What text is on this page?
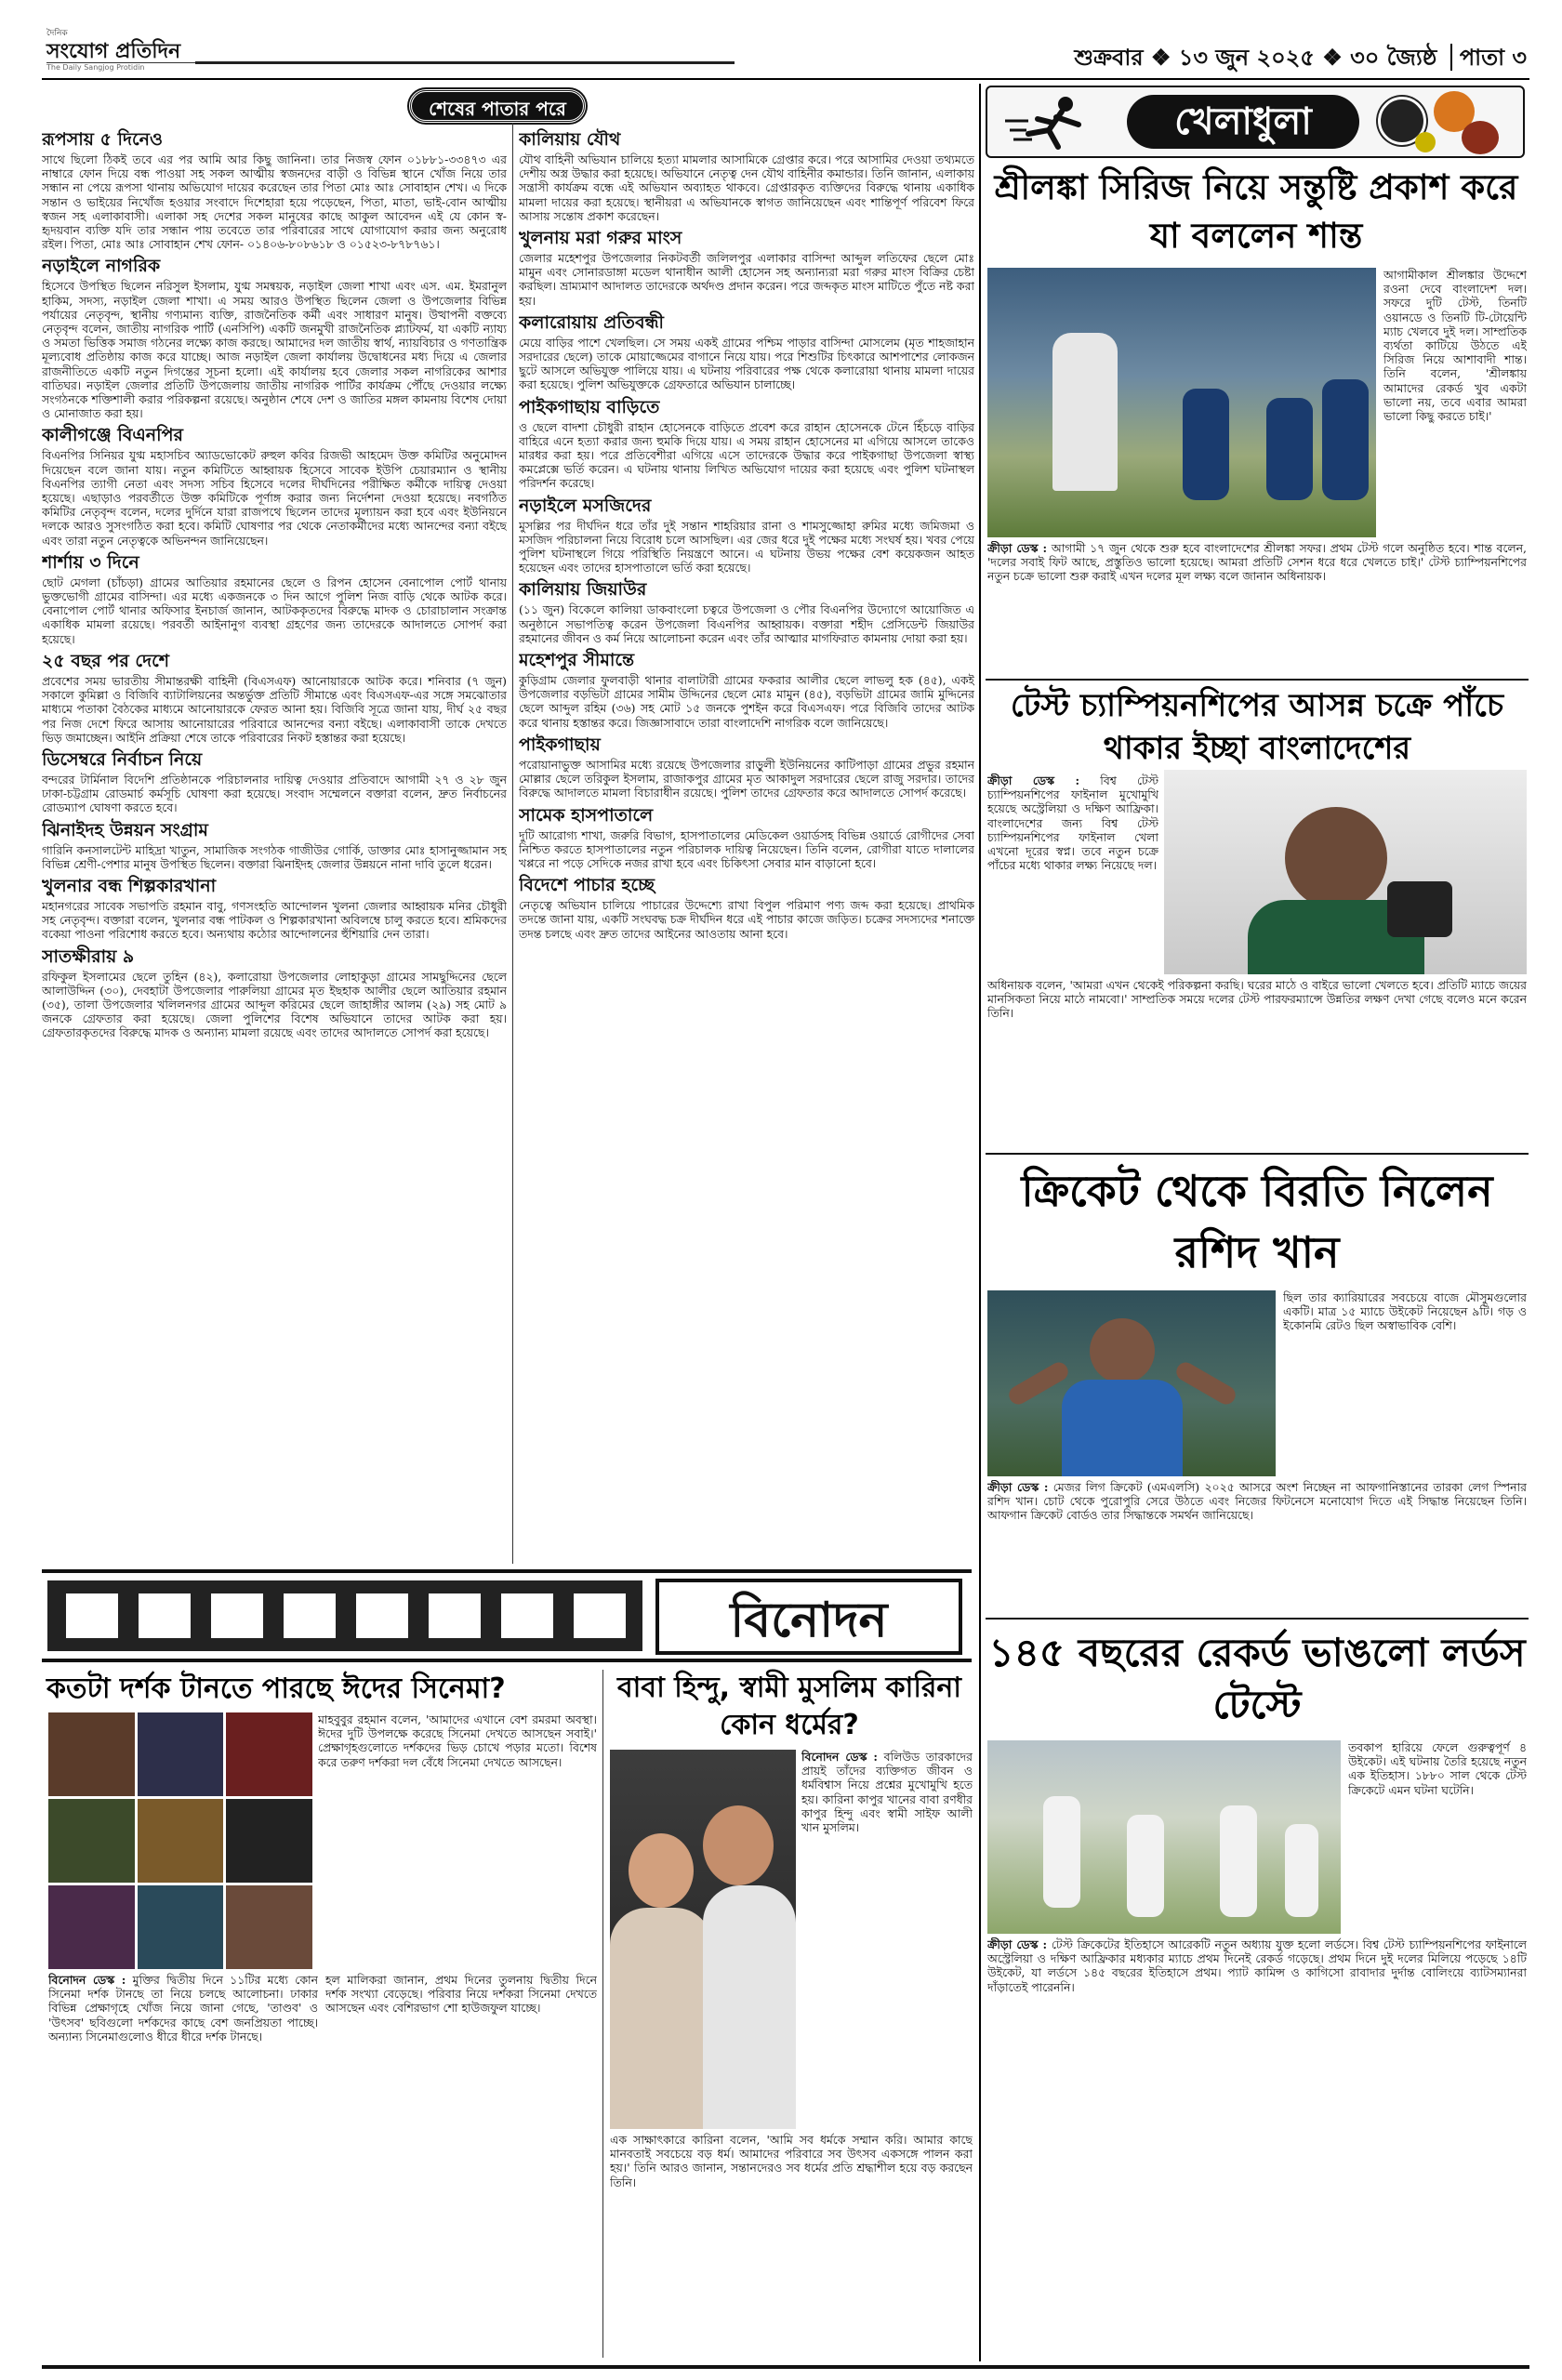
দৈনিক
সংযোগ প্রতিদিন
The Daily Sangjog Protidin	শুক্রবার ❖ ১৩ জুন ২০২৫ ❖ ৩০ জ্যৈষ্ঠ পাতা ৩
শেষের পাতার পরে
রূপসায় ৫ দিনেও

সাথে ছিলো ঠিকই তবে এর পর আমি আর কিছু জানিনা। তার নিজস্ব ফোন ০১৮৮১-৩৩৪৭৩ এর নাম্বারে ফোন দিয়ে বন্ধ পাওয়া সহ সকল আত্মীয় স্বজনদের বাড়ী ও বিভিন্ন স্থানে খোঁজ নিয়ে তার সন্ধান না পেয়ে রূপসা থানায় অভিযোগ দায়ের করেছেন তার পিতা মোঃ আঃ সোবাহান শেখ। এ দিকে সন্তান ও ভাইয়ের নিখোঁজ হওয়ার সংবাদে দিশেহারা হয়ে পড়েছেন, পিতা, মাতা, ভাই-বোন আত্মীয় স্বজন সহ এলাকাবাসী। এলাকা সহ দেশের সকল মানুষের কাছে আকুল আবেদন এই যে কোন স্ব-হৃদয়বান ব্যক্তি যদি তার সন্ধান পায় তবেতে তার পরিবারের সাথে যোগাযোগ করার জন্য অনুরোধ রইল। পিতা, মোঃ আঃ সোবাহান শেখ ফোন- ০১৪০৬-৮০৮৬১৮ ও ০১৫২৩-৮৭৮৭৬১।

নড়াইলে নাগরিক

হিসেবে উপস্থিত ছিলেন নরিসুল ইসলাম, যুগ্ম সমন্বয়ক, নড়াইল জেলা শাখা এবং এস. এম. ইমরানুল হাকিম, সদস্য, নড়াইল জেলা শাখা। এ সময় আরও উপস্থিত ছিলেন জেলা ও উপজেলার বিভিন্ন পর্যায়ের নেতৃবৃন্দ, স্থানীয় গণ্যমান্য ব্যক্তি, রাজনৈতিক কর্মী এবং সাধারণ মানুষ। উত্থাপনী বক্তব্যে নেতৃবৃন্দ বলেন, জাতীয় নাগরিক পার্টি (এনসিপি) একটি জনমুখী রাজনৈতিক প্ল্যাটফর্ম, যা একটি ন্যায্য ও সমতা ভিত্তিক সমাজ গঠনের লক্ষ্যে কাজ করছে। আমাদের দল জাতীয় স্বার্থ, ন্যায়বিচার ও গণতান্ত্রিক মূল্যবোধ প্রতিষ্ঠায় কাজ করে যাচ্ছে। আজ নড়াইল জেলা কার্যালয় উদ্বোধনের মধ্য দিয়ে এ জেলার রাজনীতিতে একটি নতুন দিগন্তের সূচনা হলো। এই কার্যালয় হবে জেলার সকল নাগরিকের আশার বাতিঘর। নড়াইল জেলার প্রতিটি উপজেলায় জাতীয় নাগরিক পার্টির কার্যক্রম পৌঁছে দেওয়ার লক্ষ্যে সংগঠনকে শক্তিশালী করার পরিকল্পনা রয়েছে। অনুষ্ঠান শেষে দেশ ও জাতির মঙ্গল কামনায় বিশেষ দোয়া ও মোনাজাত করা হয়।

কালীগঞ্জে বিএনপির

বিএনপির সিনিয়র যুগ্ম মহাসচিব অ্যাডভোকেট রুহুল কবির রিজভী আহমেদ উক্ত কমিটির অনুমোদন দিয়েছেন বলে জানা যায়। নতুন কমিটিতে আহ্বায়ক হিসেবে সাবেক ইউপি চেয়ারম্যান ও স্থানীয় বিএনপির ত্যাগী নেতা এবং সদস্য সচিব হিসেবে দলের দীর্ঘদিনের পরীক্ষিত কর্মীকে দায়িত্ব দেওয়া হয়েছে। এছাড়াও পরবর্তীতে উক্ত কমিটিকে পূর্ণাঙ্গ করার জন্য নির্দেশনা দেওয়া হয়েছে। নবগঠিত কমিটির নেতৃবৃন্দ বলেন, দলের দুর্দিনে যারা রাজপথে ছিলেন তাদের মূল্যায়ন করা হবে এবং ইউনিয়নে দলকে আরও সুসংগঠিত করা হবে। কমিটি ঘোষণার পর থেকে নেতাকর্মীদের মধ্যে আনন্দের বন্যা বইছে এবং তারা নতুন নেতৃত্বকে অভিনন্দন জানিয়েছেন।

শার্শায় ৩ দিনে

ছোট মেগলা (চাঁচড়া) গ্রামের আতিয়ার রহমানের ছেলে ও রিপন হোসেন বেনাপোল পোর্ট থানায় ভুক্তভোগী গ্রামের বাসিন্দা। এর মধ্যে একজনকে ৩ দিন আগে পুলিশ নিজ বাড়ি থেকে আটক করে। বেনাপোল পোর্ট থানার অফিসার ইনচার্জ জানান, আটককৃতদের বিরুদ্ধে মাদক ও চোরাচালান সংক্রান্ত একাধিক মামলা রয়েছে। পরবর্তী আইনানুগ ব্যবস্থা গ্রহণের জন্য তাদেরকে আদালতে সোপর্দ করা হয়েছে।

২৫ বছর পর দেশে

প্রবেশের সময় ভারতীয় সীমান্তরক্ষী বাহিনী (বিএসএফ) আনোয়ারকে আটক করে। শনিবার (৭ জুন) সকালে কুমিল্লা ও বিজিবি ব্যাটালিয়নের অন্তর্ভুক্ত প্রতিটি সীমান্তে এবং বিএসএফ-এর সঙ্গে সমঝোতার মাধ্যমে পতাকা বৈঠকের মাধ্যমে আনোয়ারকে ফেরত আনা হয়। বিজিবি সূত্রে জানা যায়, দীর্ঘ ২৫ বছর পর নিজ দেশে ফিরে আসায় আনোয়ারের পরিবারে আনন্দের বন্যা বইছে। এলাকাবাসী তাকে দেখতে ভিড় জমাচ্ছেন। আইনি প্রক্রিয়া শেষে তাকে পরিবারের নিকট হস্তান্তর করা হয়েছে।

ডিসেম্বরে নির্বাচন নিয়ে

বন্দরের টার্মিনাল বিদেশি প্রতিষ্ঠানকে পরিচালনার দায়িত্ব দেওয়ার প্রতিবাদে আগামী ২৭ ও ২৮ জুন ঢাকা-চট্টগ্রাম রোডমার্চ কর্মসূচি ঘোষণা করা হয়েছে। সংবাদ সম্মেলনে বক্তারা বলেন, দ্রুত নির্বাচনের রোডম্যাপ ঘোষণা করতে হবে।

ঝিনাইদহ উন্নয়ন সংগ্রাম

গারিনি কনসালটেন্ট মাহিদ্রা খাতুন, সামাজিক সংগঠক গাজীউর গোর্কি, ডাক্তার মোঃ হাসানুজ্জামান সহ বিভিন্ন শ্রেণী-পেশার মানুষ উপস্থিত ছিলেন। বক্তারা ঝিনাইদহ জেলার উন্নয়নে নানা দাবি তুলে ধরেন।

খুলনার বন্ধ শিল্পকারখানা

মহানগরের সাবেক সভাপতি রহমান বাবু, গণসংহতি আন্দোলন খুলনা জেলার আহ্বায়ক মনির চৌধুরী সহ নেতৃবৃন্দ। বক্তারা বলেন, খুলনার বন্ধ পাটকল ও শিল্পকারখানা অবিলম্বে চালু করতে হবে। শ্রমিকদের বকেয়া পাওনা পরিশোধ করতে হবে। অন্যথায় কঠোর আন্দোলনের হুঁশিয়ারি দেন তারা।

সাতক্ষীরায় ৯

রফিকুল ইসলামের ছেলে তুহিন (৪২), কলারোয়া উপজেলার লোহাকুড়া গ্রামের সামছুদ্দিনের ছেলে আলাউদ্দিন (৩০), দেবহাটা উপজেলার পারুলিয়া গ্রামের মৃত ইছহাক আলীর ছেলে আতিয়ার রহমান (৩৫), তালা উপজেলার খলিলনগর গ্রামের আব্দুল করিমের ছেলে জাহাঙ্গীর আলম (২৯) সহ মোট ৯ জনকে গ্রেফতার করা হয়েছে। জেলা পুলিশের বিশেষ অভিযানে তাদের আটক করা হয়। গ্রেফতারকৃতদের বিরুদ্ধে মাদক ও অন্যান্য মামলা রয়েছে এবং তাদের আদালতে সোপর্দ করা হয়েছে।

কালিয়ায় যৌথ

যৌথ বাহিনী অভিযান চালিয়ে হত্যা মামলার আসামিকে গ্রেপ্তার করে। পরে আসামির দেওয়া তথ্যমতে দেশীয় অস্ত্র উদ্ধার করা হয়েছে। অভিযানে নেতৃত্ব দেন যৌথ বাহিনীর কমান্ডার। তিনি জানান, এলাকায় সন্ত্রাসী কার্যক্রম বন্ধে এই অভিযান অব্যাহত থাকবে। গ্রেপ্তারকৃত ব্যক্তিদের বিরুদ্ধে থানায় একাধিক মামলা দায়ের করা হয়েছে। স্থানীয়রা এ অভিযানকে স্বাগত জানিয়েছেন এবং শান্তিপূর্ণ পরিবেশ ফিরে আসায় সন্তোষ প্রকাশ করেছেন।

খুলনায় মরা গরুর মাংস

জেলার মহেশপুর উপজেলার নিকটবর্তী জলিলপুর এলাকার বাসিন্দা আব্দুল লতিফের ছেলে মোঃ মামুন এবং সোনারডাঙ্গা মডেল থানাধীন আলী হোসেন সহ অন্যান্যরা মরা গরুর মাংস বিক্রির চেষ্টা করছিল। ভ্রাম্যমাণ আদালত তাদেরকে অর্থদণ্ড প্রদান করেন। পরে জব্দকৃত মাংস মাটিতে পুঁতে নষ্ট করা হয়।

কলারোয়ায় প্রতিবন্ধী

মেয়ে বাড়ির পাশে খেলছিল। সে সময় একই গ্রামের পশ্চিম পাড়ার বাসিন্দা মোসলেম (মৃত শাহজাহান সরদারের ছেলে) তাকে মোয়াজ্জেমের বাগানে নিয়ে যায়। পরে শিশুটির চিৎকারে আশপাশের লোকজন ছুটে আসলে অভিযুক্ত পালিয়ে যায়। এ ঘটনায় পরিবারের পক্ষ থেকে কলারোয়া থানায় মামলা দায়ের করা হয়েছে। পুলিশ অভিযুক্তকে গ্রেফতারে অভিযান চালাচ্ছে।

পাইকগাছায় বাড়িতে

ও ছেলে বাদশা চৌধুরী রাহান হোসেনকে বাড়িতে প্রবেশ করে রাহান হোসেনকে টেনে হিঁচড়ে বাড়ির বাহিরে এনে হত্যা করার জন্য হুমকি দিয়ে যায়। এ সময় রাহান হোসেনের মা এগিয়ে আসলে তাকেও মারধর করা হয়। পরে প্রতিবেশীরা এগিয়ে এসে তাদেরকে উদ্ধার করে পাইকগাছা উপজেলা স্বাস্থ্য কমপ্লেক্সে ভর্তি করেন। এ ঘটনায় থানায় লিখিত অভিযোগ দায়ের করা হয়েছে এবং পুলিশ ঘটনাস্থল পরিদর্শন করেছে।

নড়াইলে মসজিদের

মুসল্লির পর দীর্ঘদিন ধরে তাঁর দুই সন্তান শাহরিয়ার রানা ও শামসুজ্জোহা রুমির মধ্যে জমিজমা ও মসজিদ পরিচালনা নিয়ে বিরোধ চলে আসছিল। এর জের ধরে দুই পক্ষের মধ্যে সংঘর্ষ হয়। খবর পেয়ে পুলিশ ঘটনাস্থলে গিয়ে পরিস্থিতি নিয়ন্ত্রণে আনে। এ ঘটনায় উভয় পক্ষের বেশ কয়েকজন আহত হয়েছেন এবং তাদের হাসপাতালে ভর্তি করা হয়েছে।

কালিয়ায় জিয়াউর

(১১ জুন) বিকেলে কালিয়া ডাকবাংলো চত্বরে উপজেলা ও পৌর বিএনপির উদ্যোগে আয়োজিত এ অনুষ্ঠানে সভাপতিত্ব করেন উপজেলা বিএনপির আহ্বায়ক। বক্তারা শহীদ প্রেসিডেন্ট জিয়াউর রহমানের জীবন ও কর্ম নিয়ে আলোচনা করেন এবং তাঁর আত্মার মাগফিরাত কামনায় দোয়া করা হয়।

মহেশপুর সীমান্তে

কুড়িগ্রাম জেলার ফুলবাড়ী থানার বালাটারী গ্রামের ফকরার আলীর ছেলে লাভলু হক (৪৫), একই উপজেলার বড়ভিটা গ্রামের সামীম উদ্দিনের ছেলে মোঃ মামুন (৪৫), বড়ভিটা গ্রামের জামি মুদ্দিনের ছেলে আব্দুল রহিম (৩৬) সহ মোট ১৫ জনকে পুশইন করে বিএসএফ। পরে বিজিবি তাদের আটক করে থানায় হস্তান্তর করে। জিজ্ঞাসাবাদে তারা বাংলাদেশি নাগরিক বলে জানিয়েছে।

পাইকগাছায়

পরোয়ানাভুক্ত আসামির মধ্যে রয়েছে উপজেলার রাড়ুলী ইউনিয়নের কাটিপাড়া গ্রামের প্রভুর রহমান মোল্লার ছেলে তরিকুল ইসলাম, রাজাকপুর গ্রামের মৃত আকাদুল সরদারের ছেলে রাজু সরদার। তাদের বিরুদ্ধে আদালতে মামলা বিচারাধীন রয়েছে। পুলিশ তাদের গ্রেফতার করে আদালতে সোপর্দ করেছে।

সামেক হাসপাতালে

দুটি আরোগ্য শাখা, জরুরি বিভাগ, হাসপাতালের মেডিকেল ওয়ার্ডসহ বিভিন্ন ওয়ার্ডে রোগীদের সেবা নিশ্চিত করতে হাসপাতালের নতুন পরিচালক দায়িত্ব নিয়েছেন। তিনি বলেন, রোগীরা যাতে দালালের খপ্পরে না পড়ে সেদিকে নজর রাখা হবে এবং চিকিৎসা সেবার মান বাড়ানো হবে।

বিদেশে পাচার হচ্ছে

নেতৃত্বে অভিযান চালিয়ে পাচারের উদ্দেশ্যে রাখা বিপুল পরিমাণ পণ্য জব্দ করা হয়েছে। প্রাথমিক তদন্তে জানা যায়, একটি সংঘবদ্ধ চক্র দীর্ঘদিন ধরে এই পাচার কাজে জড়িত। চক্রের সদস্যদের শনাক্তে তদন্ত চলছে এবং দ্রুত তাদের আইনের আওতায় আনা হবে।

খেলাধুলা
শ্রীলঙ্কা সিরিজ নিয়ে সন্তুষ্টি প্রকাশ করে যা বললেন শান্ত
আগামীকাল শ্রীলঙ্কার উদ্দেশে রওনা দেবে বাংলাদেশ দল। সফরে দুটি টেস্ট, তিনটি ওয়ানডে ও তিনটি টি-টোয়েন্টি ম্যাচ খেলবে দুই দল। সাম্প্রতিক ব্যর্থতা কাটিয়ে উঠতে এই সিরিজ নিয়ে আশাবাদী শান্ত। তিনি বলেন, 'শ্রীলঙ্কায় আমাদের রেকর্ড খুব একটা ভালো নয়, তবে এবার আমরা ভালো কিছু করতে চাই।'
ক্রীড়া ডেস্ক : আগামী ১৭ জুন থেকে শুরু হবে বাংলাদেশের শ্রীলঙ্কা সফর। প্রথম টেস্ট গলে অনুষ্ঠিত হবে। শান্ত বলেন, 'দলের সবাই ফিট আছে, প্রস্তুতিও ভালো হয়েছে। আমরা প্রতিটি সেশন ধরে ধরে খেলতে চাই।' টেস্ট চ্যাম্পিয়নশিপের নতুন চক্রে ভালো শুরু করাই এখন দলের মূল লক্ষ্য বলে জানান অধিনায়ক।
টেস্ট চ্যাম্পিয়নশিপের আসন্ন চক্রে পাঁচে থাকার ইচ্ছা বাংলাদেশের
ক্রীড়া ডেস্ক : বিশ্ব টেস্ট চ্যাম্পিয়নশিপের ফাইনাল মুখোমুখি হয়েছে অস্ট্রেলিয়া ও দক্ষিণ আফ্রিকা। বাংলাদেশের জন্য বিশ্ব টেস্ট চ্যাম্পিয়নশিপের ফাইনাল খেলা এখনো দূরের স্বপ্ন। তবে নতুন চক্রে পাঁচের মধ্যে থাকার লক্ষ্য নিয়েছে দল।
অধিনায়ক বলেন, 'আমরা এখন থেকেই পরিকল্পনা করছি। ঘরের মাঠে ও বাইরে ভালো খেলতে হবে। প্রতিটি ম্যাচে জয়ের মানসিকতা নিয়ে মাঠে নামবো।' সাম্প্রতিক সময়ে দলের টেস্ট পারফরম্যান্সে উন্নতির লক্ষণ দেখা গেছে বলেও মনে করেন তিনি।
ক্রিকেট থেকে বিরতি নিলেন রশিদ খান
ছিল তার ক্যারিয়ারের সবচেয়ে বাজে মৌসুমগুলোর একটি। মাত্র ১৫ ম্যাচে উইকেট নিয়েছেন ৯টি। গড় ও ইকোনমি রেটও ছিল অস্বাভাবিক বেশি।
ক্রীড়া ডেস্ক : মেজর লিগ ক্রিকেট (এমএলসি) ২০২৫ আসরে অংশ নিচ্ছেন না আফগানিস্তানের তারকা লেগ স্পিনার রশিদ খান। চোট থেকে পুরোপুরি সেরে উঠতে এবং নিজের ফিটনেসে মনোযোগ দিতে এই সিদ্ধান্ত নিয়েছেন তিনি। আফগান ক্রিকেট বোর্ডও তার সিদ্ধান্তকে সমর্থন জানিয়েছে।
১৪৫ বছরের রেকর্ড ভাঙলো লর্ডস টেস্টে
তবকাপ হারিয়ে ফেলে গুরুত্বপূর্ণ ৪ উইকেট। এই ঘটনায় তৈরি হয়েছে নতুন এক ইতিহাস। ১৮৮০ সাল থেকে টেস্ট ক্রিকেটে এমন ঘটনা ঘটেনি।
ক্রীড়া ডেস্ক : টেস্ট ক্রিকেটের ইতিহাসে আরেকটি নতুন অধ্যায় যুক্ত হলো লর্ডসে। বিশ্ব টেস্ট চ্যাম্পিয়নশিপের ফাইনালে অস্ট্রেলিয়া ও দক্ষিণ আফ্রিকার মধ্যকার ম্যাচে প্রথম দিনেই রেকর্ড গড়েছে। প্রথম দিনে দুই দলের মিলিয়ে পড়েছে ১৪টি উইকেট, যা লর্ডসে ১৪৫ বছরের ইতিহাসে প্রথম। প্যাট কামিন্স ও কাগিসো রাবাদার দুর্দান্ত বোলিংয়ে ব্যাটসম্যানরা দাঁড়াতেই পারেননি।
বিনোদন
কতটা দর্শক টানতে পারছে ঈদের সিনেমা?
মাহবুবুর রহমান বলেন, 'আমাদের এখানে বেশ রমরমা অবস্থা। ঈদের দুটি উপলক্ষে করেছে সিনেমা দেখতে আসছেন সবাই।' প্রেক্ষাগৃহগুলোতে দর্শকদের ভিড় চোখে পড়ার মতো। বিশেষ করে তরুণ দর্শকরা দল বেঁধে সিনেমা দেখতে আসছেন।
বিনোদন ডেস্ক : মুক্তির দ্বিতীয় দিনে ১১টির মধ্যে কোন সিনেমা দর্শক টানছে তা নিয়ে চলছে আলোচনা। ঢাকার বিভিন্ন প্রেক্ষাগৃহে খোঁজ নিয়ে জানা গেছে, 'তাণ্ডব' ও 'উৎসব' ছবিগুলো দর্শকদের কাছে বেশ জনপ্রিয়তা পাচ্ছে। অন্যান্য সিনেমাগুলোও ধীরে ধীরে দর্শক টানছে।
হল মালিকরা জানান, প্রথম দিনের তুলনায় দ্বিতীয় দিনে দর্শক সংখ্যা বেড়েছে। পরিবার নিয়ে দর্শকরা সিনেমা দেখতে আসছেন এবং বেশিরভাগ শো হাউজফুল যাচ্ছে।
বাবা হিন্দু, স্বামী মুসলিম কারিনা কোন ধর্মের?
বিনোদন ডেস্ক : বলিউড তারকাদের প্রায়ই তাঁদের ব্যক্তিগত জীবন ও ধর্মবিশ্বাস নিয়ে প্রশ্নের মুখোমুখি হতে হয়। কারিনা কাপুর খানের বাবা রণধীর কাপুর হিন্দু এবং স্বামী সাইফ আলী খান মুসলিম।
এক সাক্ষাৎকারে কারিনা বলেন, 'আমি সব ধর্মকে সম্মান করি। আমার কাছে মানবতাই সবচেয়ে বড় ধর্ম। আমাদের পরিবারে সব উৎসব একসঙ্গে পালন করা হয়।' তিনি আরও জানান, সন্তানদেরও সব ধর্মের প্রতি শ্রদ্ধাশীল হয়ে বড় করছেন তিনি।
